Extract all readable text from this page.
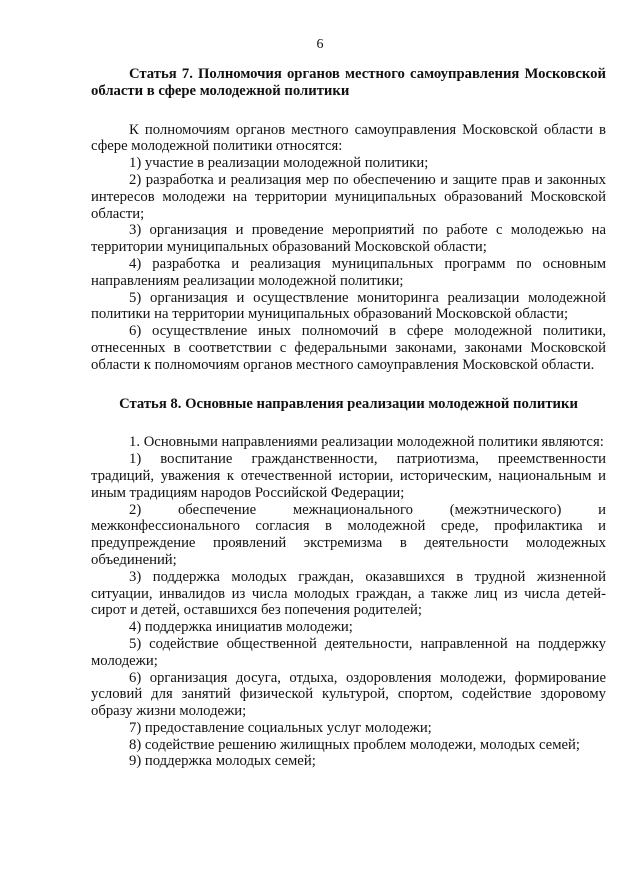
6

Статья 7. Полномочия органов местного самоуправления Московской области в сфере молодежной политики

К полномочиям органов местного самоуправления Московской области в сфере молодежной политики относятся:

1) участие в реализации молодежной политики;

2) разработка и реализация мер по обеспечению и защите прав и законных интересов молодежи на территории муниципальных образований Московской области;

3) организация и проведение мероприятий по работе с молодежью на территории муниципальных образований Московской области;

4) разработка и реализация муниципальных программ по основным направлениям реализации молодежной политики;

5) организация и осуществление мониторинга реализации молодежной политики на территории муниципальных образований Московской области;

6) осуществление иных полномочий в сфере молодежной политики, отнесенных в соответствии с федеральными законами, законами Московской области к полномочиям органов местного самоуправления Московской области.

Статья 8. Основные направления реализации молодежной политики

1. Основными направлениями реализации молодежной политики являются:

1) воспитание гражданственности, патриотизма, преемственности традиций, уважения к отечественной истории, историческим, национальным и иным традициям народов Российской Федерации;

2) обеспечение межнационального (межэтнического) и межконфессионального согласия в молодежной среде, профилактика и предупреждение проявлений экстремизма в деятельности молодежных объединений;

3) поддержка молодых граждан, оказавшихся в трудной жизненной ситуации, инвалидов из числа молодых граждан, а также лиц из числа детей-сирот и детей, оставшихся без попечения родителей;

4) поддержка инициатив молодежи;

5) содействие общественной деятельности, направленной на поддержку молодежи;

6) организация досуга, отдыха, оздоровления молодежи, формирование условий для занятий физической культурой, спортом, содействие здоровому образу жизни молодежи;

7) предоставление социальных услуг молодежи;

8) содействие решению жилищных проблем молодежи, молодых семей;

9) поддержка молодых семей;
